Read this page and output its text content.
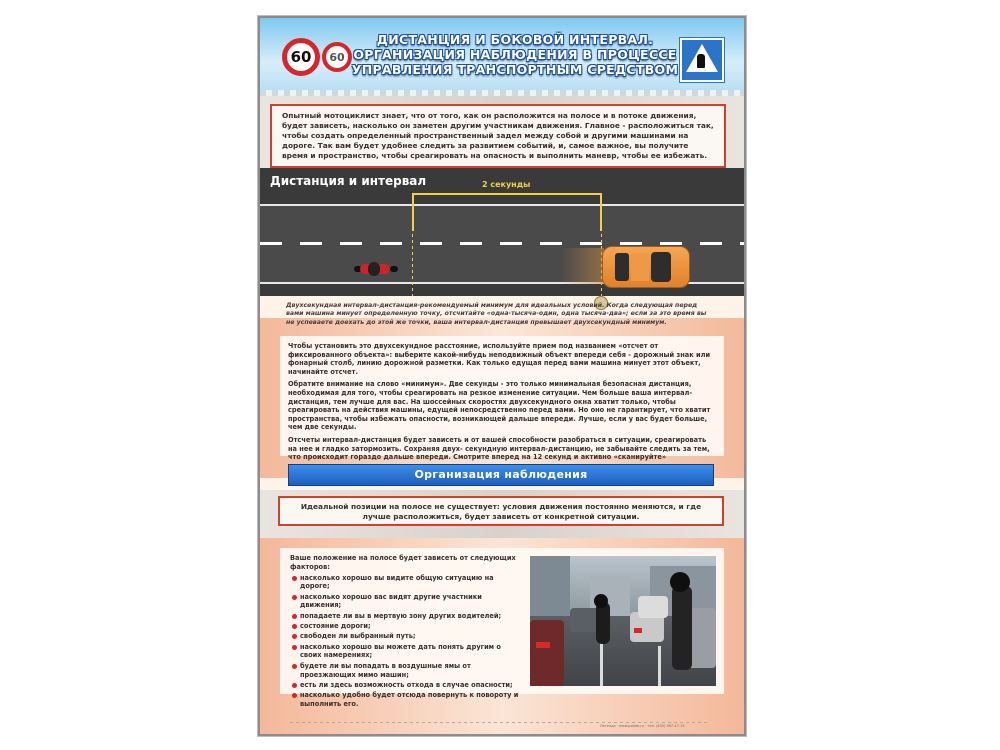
60 60
ДИСТАНЦИЯ И БОКОВОЙ ИНТЕРВАЛ.
ОРГАНИЗАЦИЯ НАБЛЮДЕНИЯ В ПРОЦЕССЕ
УПРАВЛЕНИЯ ТРАНСПОРТНЫМ СРЕДСТВОМ
Опытный мотоциклист знает, что от того, как он расположится на полосе и в потоке движения, будет зависеть, насколько он заметен другим участникам движения. Главное - расположиться так, чтобы создать определенный пространственный задел между собой и другими машинами на дороге. Так вам будет удобнее следить за развитием событий, и, самое важное, вы получите время и пространство, чтобы среагировать на опасность и выполнить маневр, чтобы ее избежать.
Дистанция и интервал	2 секунды
Двухсекундная интервал-дистанция-рекомендуемый минимум для идеальных условий. Когда следующая перед вами машина минует определенную точку, отсчитайте «одна-тысяча-один, одна тысяча-два»; если за это время вы не успеваете доехать до этой же точки, ваша интервал-дистанция превышает двухсекундный минимум.

Чтобы установить это двухсекундное расстояние, используйте прием под названием «отсчет от фиксированного объекта»: выберите какой-нибудь неподвижный объект впереди себя - дорожный знак или фонарный столб, линию дорожной разметки. Как только едущая перед вами машина минует этот объект, начинайте отсчет.

Обратите внимание на слово «минимум». Две секунды - это только минимальная безопасная дистанция, необходимая для того, чтобы среагировать на резкое изменение ситуации. Чем больше ваша интервал-дистанция, тем лучше для вас. На шоссейных скоростях двухсекундного окна хватит только, чтобы среагировать на действия машины, едущей непосредственно перед вами. Но оно не гарантирует, что хватит пространства, чтобы избежать опасности, возникающей дальше впереди. Лучше, если у вас будет больше, чем две секунды.

Отсчеты интервал-дистанция будет зависеть и от вашей способности разобраться в ситуации, среагировать на нее и гладко затормозить. Сохраняя двух- секундную интервал-дистанцию, не забывайте следить за тем, что происходит гораздо дальше впереди. Смотрите вперед на 12 секунд и активно «сканируйте»

Организация наблюдения
Идеальной позиции на полосе не существует: условия движения постоянно меняются, и где лучше расположиться, будет зависеть от конкретной ситуации.
Ваше положение на полосе будет зависеть от следующих факторов:
насколько хорошо вы видите общую ситуацию на дороге;
насколько хорошо вас видят другие участники движения;
попадаете ли вы в мертвую зону других водителей;
состояние дороги;
свободен ли выбранный путь;
насколько хорошо вы можете дать понять другим о своих намерениях;
будете ли вы попадать в воздушные ямы от проезжающих мимо машин;
есть ли здесь возможность отхода в случае опасности;
насколько удобно будет отсюда повернуть к повороту и выполнить его.
Легенда · www.poster.ru · тел. (495) 987-47-15
